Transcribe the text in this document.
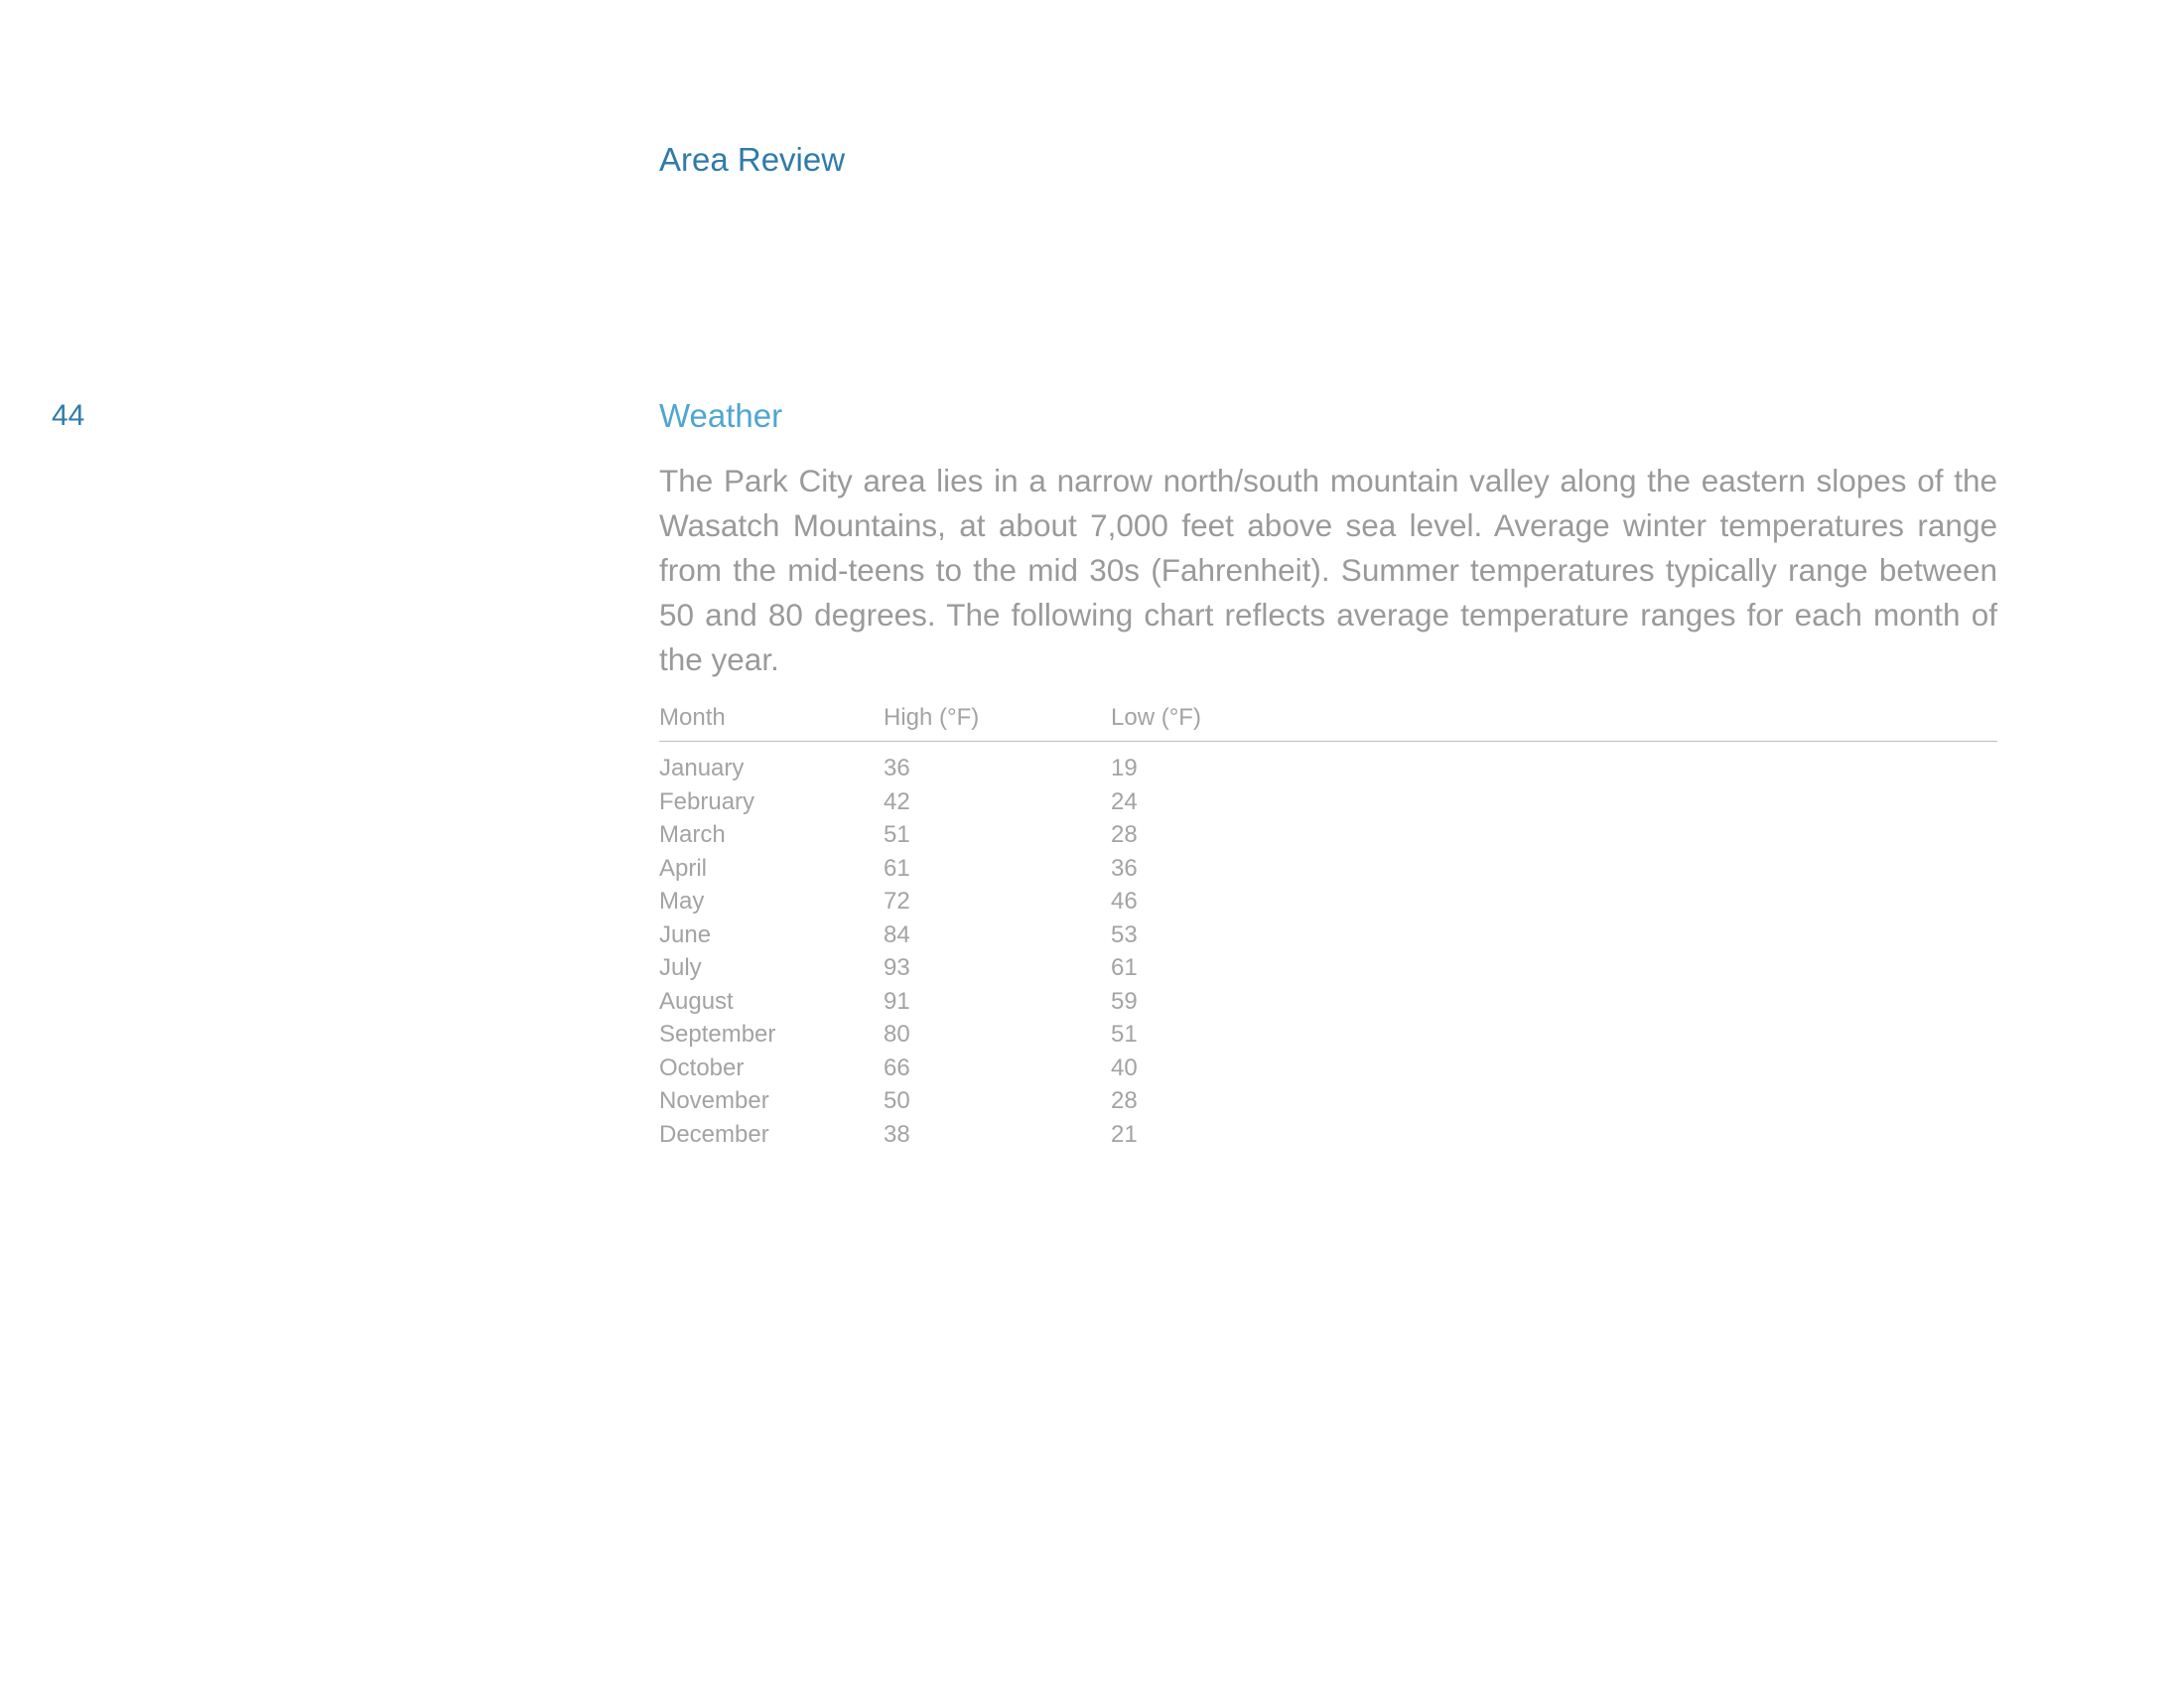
Area Review
44	Weather

The Park City area lies in a narrow north/south mountain valley along the eastern slopes of the Wasatch Mountains, at about 7,000 feet above sea level. Average winter temperatures range from the mid-teens to the mid 30s (Fahrenheit). Summer temperatures typically range between 50 and 80 degrees. The following chart reflects average temperature ranges for each month of the year.

Month	High (°F)	Low (°F)
January	36	19
February	42	24
March	51	28
April	61	36
May	72	46
June	84	53
July	93	61
August	91	59
September	80	51
October	66	40
November	50	28
December	38	21
